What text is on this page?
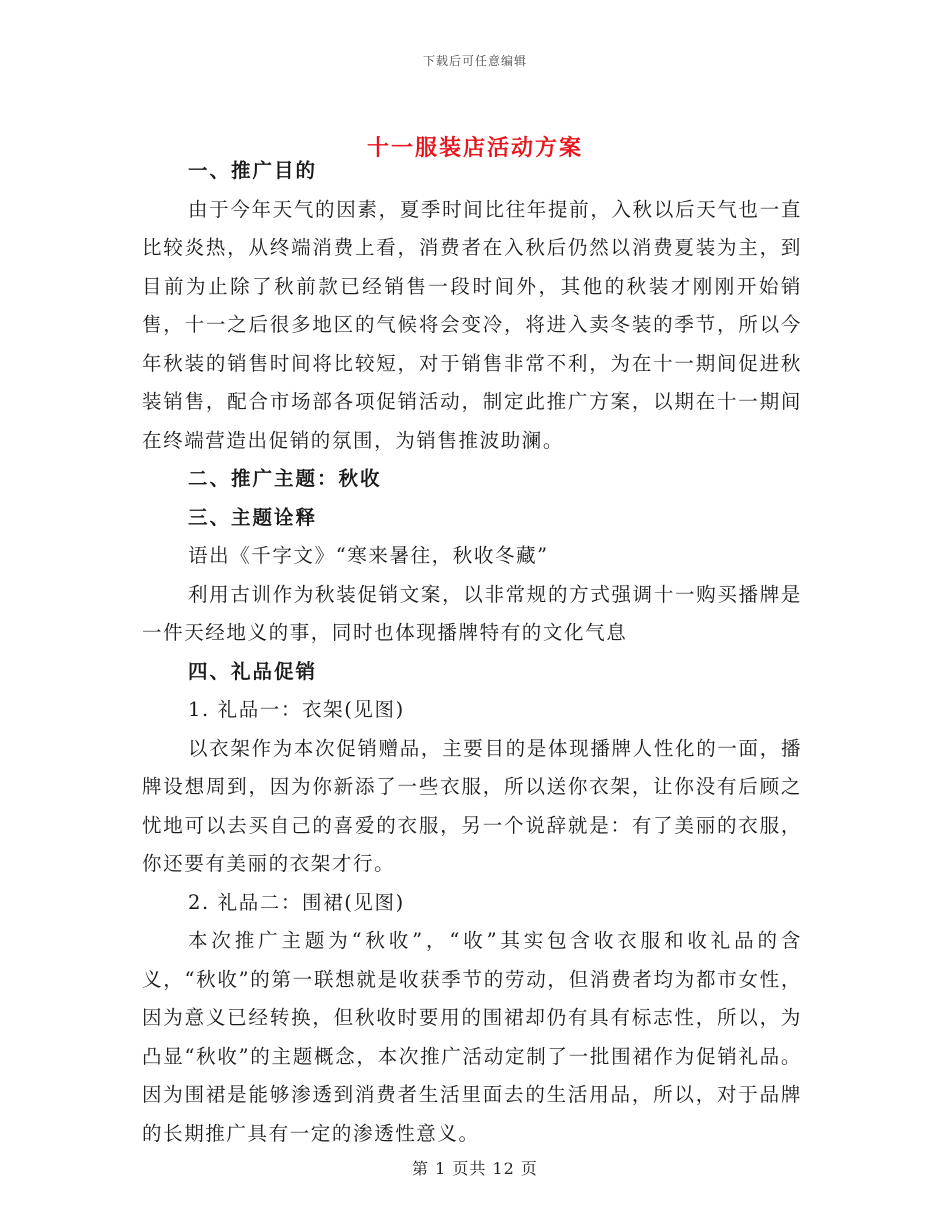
下载后可任意编辑
十一服装店活动方案

一、推广目的

由于今年天气的因素，夏季时间比往年提前，入秋以后天气也一直比较炎热，从终端消费上看，消费者在入秋后仍然以消费夏装为主，到目前为止除了秋前款已经销售一段时间外，其他的秋装才刚刚开始销售，十一之后很多地区的气候将会变冷，将进入卖冬装的季节，所以今年秋装的销售时间将比较短，对于销售非常不利，为在十一期间促进秋装销售，配合市场部各项促销活动，制定此推广方案，以期在十一期间在终端营造出促销的氛围，为销售推波助澜。

二、推广主题：秋收

三、主题诠释

语出《千字文》“寒来暑往，秋收冬藏”

利用古训作为秋装促销文案，以非常规的方式强调十一购买播牌是一件天经地义的事，同时也体现播牌特有的文化气息

四、礼品促销

1. 礼品一：衣架(见图)

以衣架作为本次促销赠品，主要目的是体现播牌人性化的一面，播牌设想周到，因为你新添了一些衣服，所以送你衣架，让你没有后顾之忧地可以去买自己的喜爱的衣服，另一个说辞就是：有了美丽的衣服，你还要有美丽的衣架才行。

2. 礼品二：围裙(见图)

本次推广主题为“秋收”，“收”其实包含收衣服和收礼品的含义，“秋收”的第一联想就是收获季节的劳动，但消费者均为都市女性，因为意义已经转换，但秋收时要用的围裙却仍有具有标志性，所以，为凸显“秋收”的主题概念，本次推广活动定制了一批围裙作为促销礼品。因为围裙是能够渗透到消费者生活里面去的生活用品，所以，对于品牌的长期推广具有一定的渗透性意义。

第 1 页共 12 页
